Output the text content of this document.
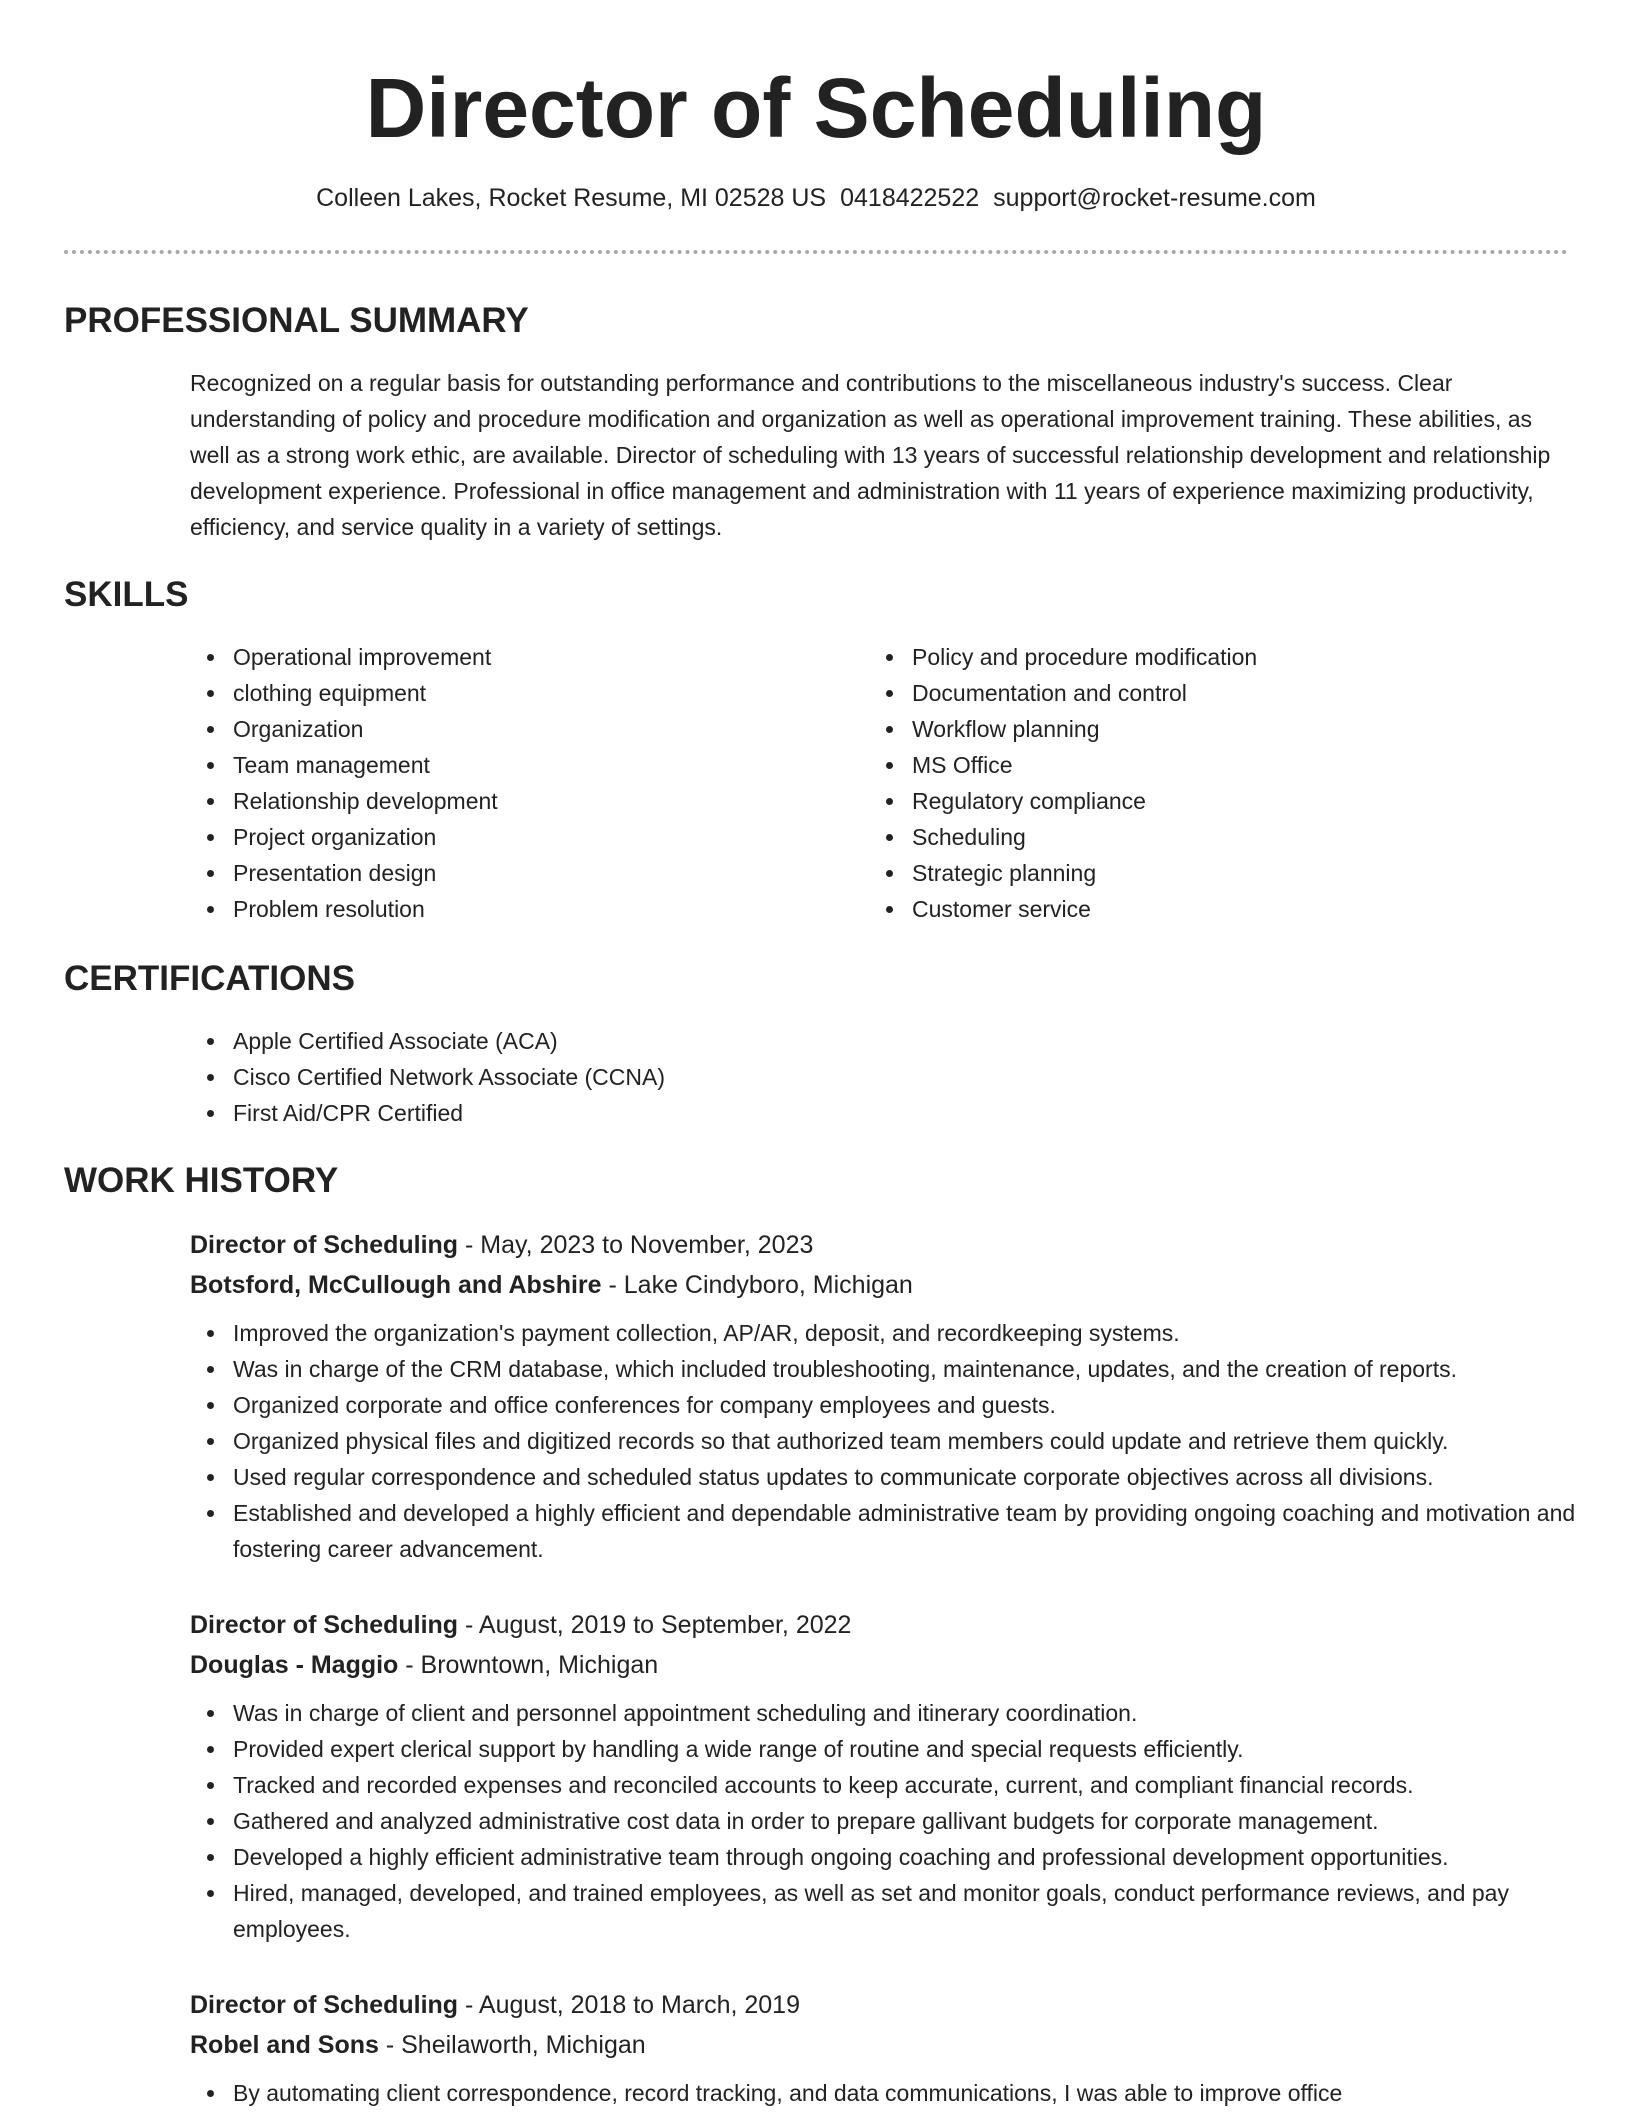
Director of Scheduling
Colleen Lakes, Rocket Resume, MI 02528 US 0418422522 support@rocket-resume.com
PROFESSIONAL SUMMARY

Recognized on a regular basis for outstanding performance and contributions to the miscellaneous industry's success. Clear understanding of policy and procedure modification and organization as well as operational improvement training. These abilities, as well as a strong work ethic, are available. Director of scheduling with 13 years of successful relationship development and relationship development experience. Professional in office management and administration with 11 years of experience maximizing productivity, efficiency, and service quality in a variety of settings.

SKILLS
Operational improvement
clothing equipment
Organization
Team management
Relationship development
Project organization
Presentation design
Problem resolution
Policy and procedure modification
Documentation and control
Workflow planning
MS Office
Regulatory compliance
Scheduling
Strategic planning
Customer service
CERTIFICATIONS
Apple Certified Associate (ACA)
Cisco Certified Network Associate (CCNA)
First Aid/CPR Certified
WORK HISTORY
Director of Scheduling - May, 2023 to November, 2023
Botsford, McCullough and Abshire - Lake Cindyboro, Michigan
Improved the organization's payment collection, AP/AR, deposit, and recordkeeping systems.
Was in charge of the CRM database, which included troubleshooting, maintenance, updates, and the creation of reports.
Organized corporate and office conferences for company employees and guests.
Organized physical files and digitized records so that authorized team members could update and retrieve them quickly.
Used regular correspondence and scheduled status updates to communicate corporate objectives across all divisions.
Established and developed a highly efficient and dependable administrative team by providing ongoing coaching and motivation and fostering career advancement.
Director of Scheduling - August, 2019 to September, 2022
Douglas - Maggio - Browntown, Michigan
Was in charge of client and personnel appointment scheduling and itinerary coordination.
Provided expert clerical support by handling a wide range of routine and special requests efficiently.
Tracked and recorded expenses and reconciled accounts to keep accurate, current, and compliant financial records.
Gathered and analyzed administrative cost data in order to prepare gallivant budgets for corporate management.
Developed a highly efficient administrative team through ongoing coaching and professional development opportunities.
Hired, managed, developed, and trained employees, as well as set and monitor goals, conduct performance reviews, and pay employees.
Director of Scheduling - August, 2018 to March, 2019
Robel and Sons - Sheilaworth, Michigan
By automating client correspondence, record tracking, and data communications, I was able to improve office
